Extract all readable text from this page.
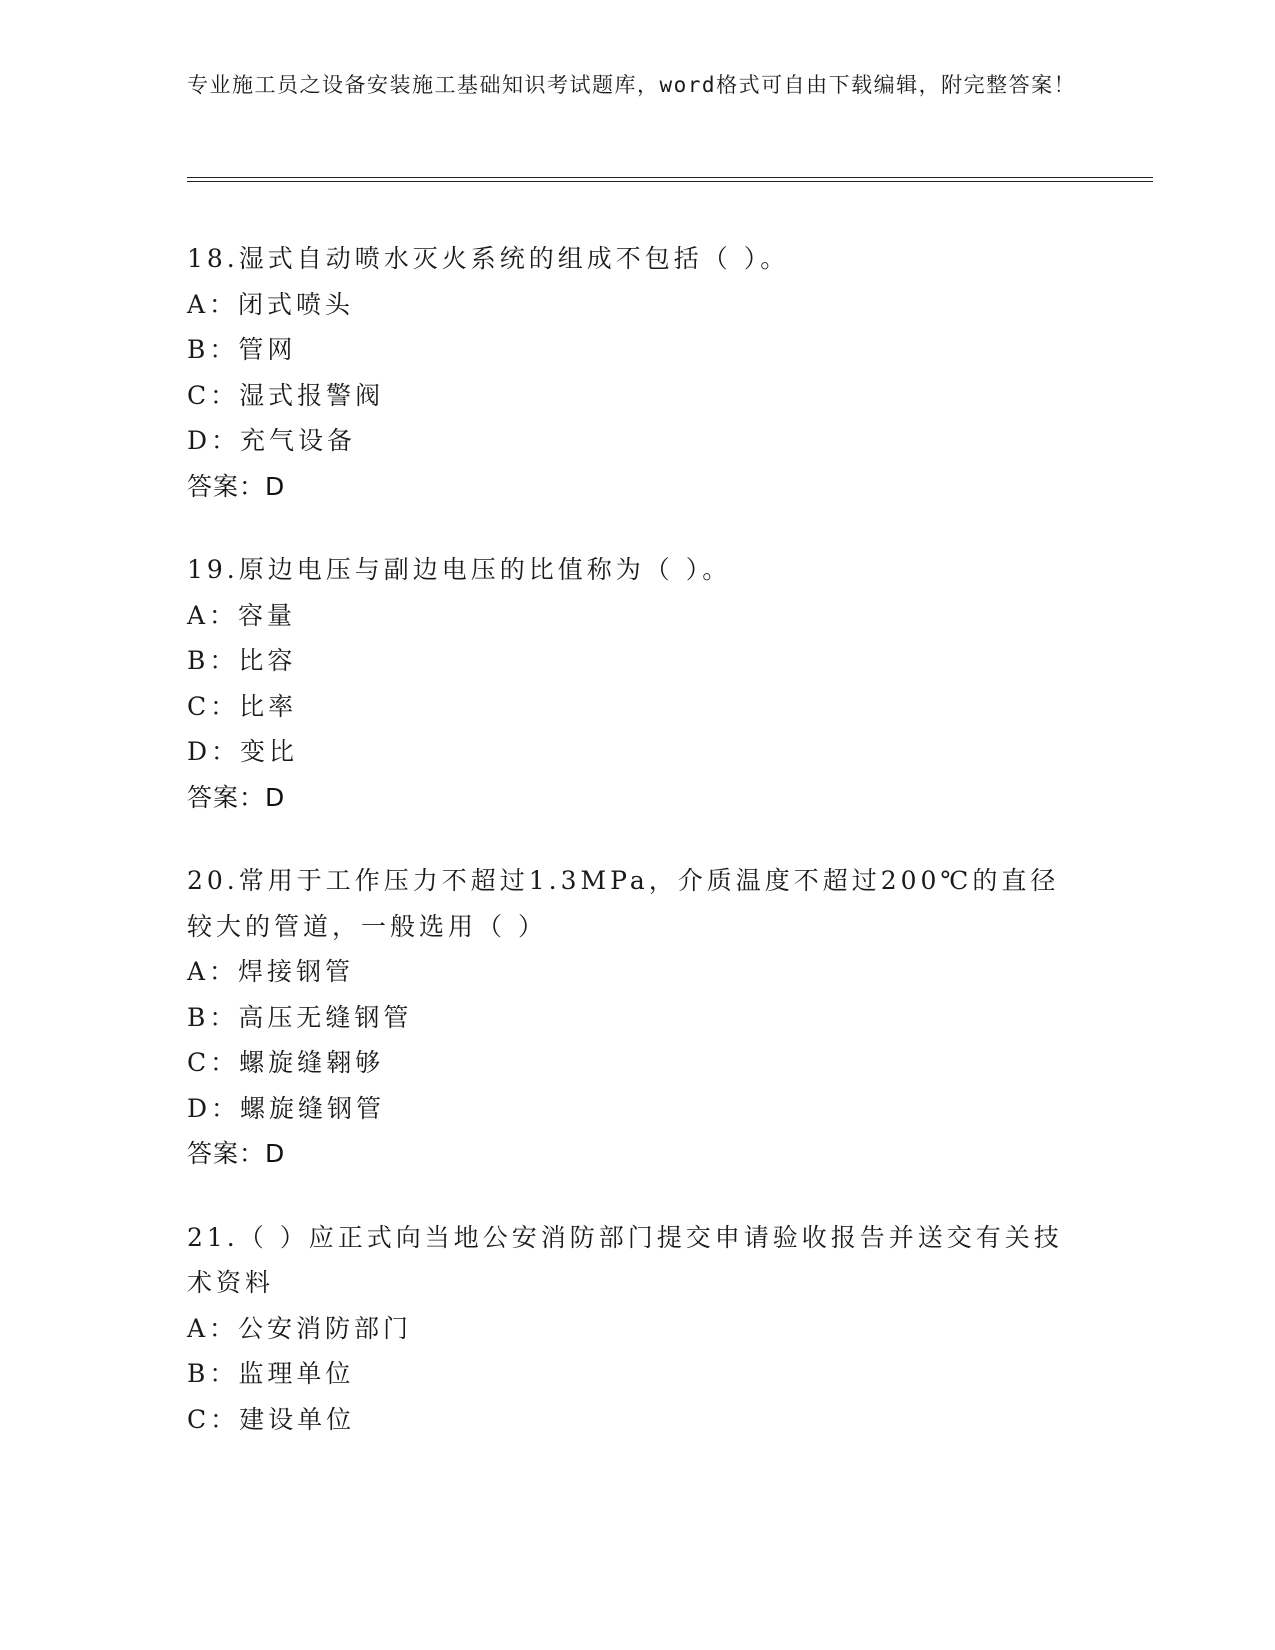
专业施工员之设备安装施工基础知识考试题库，word格式可自由下载编辑，附完整答案！
18.湿式自动喷水灭火系统的组成不包括（ ）。
A：闭式喷头
B：管网
C：湿式报警阀
D：充气设备
答案：D
19.原边电压与副边电压的比值称为（ ）。
A：容量
B：比容
C：比率
D：变比
答案：D
20.常用于工作压力不超过1.3MPa，介质温度不超过200℃的直径较大的管道，一般选用（ ）
A：焊接钢管
B：高压无缝钢管
C：螺旋缝翱够
D：螺旋缝钢管
答案：D
21.（ ）应正式向当地公安消防部门提交申请验收报告并送交有关技术资料
A：公安消防部门
B：监理单位
C：建设单位
